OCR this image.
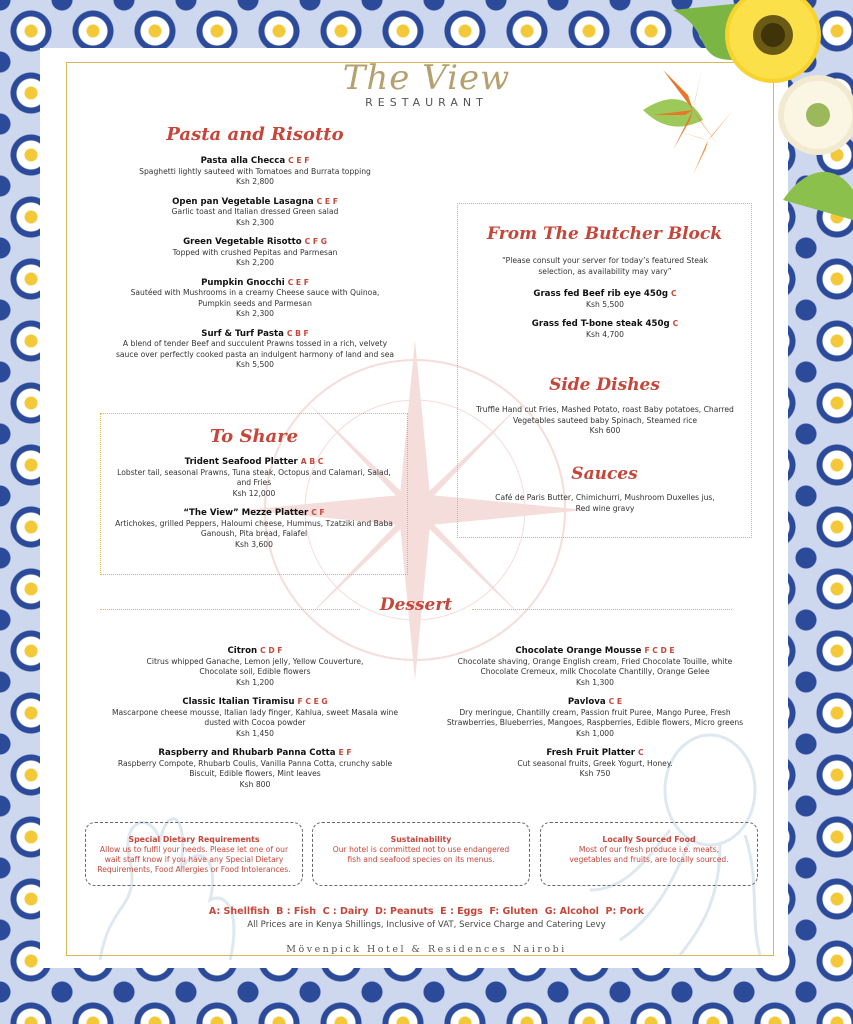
The View
RESTAURANT
Pasta and Risotto
Pasta alla Checca C E F
Spaghetti lightly sauteed with Tomatoes and Burrata topping
Ksh 2,800
Open pan Vegetable Lasagna C E F
Garlic toast and Italian dressed Green salad
Ksh 2,300
Green Vegetable Risotto C F G
Topped with crushed Pepitas and Parmesan
Ksh 2,200
Pumpkin Gnocchi C E F
Sautéed with Mushrooms in a creamy Cheese sauce with Quinoa, Pumpkin seeds and Parmesan
Ksh 2,300
Surf & Turf Pasta C B F
A blend of tender Beef and succulent Prawns tossed in a rich, velvety sauce over perfectly cooked pasta an indulgent harmony of land and sea
Ksh 5,500
To Share
Trident Seafood Platter A B C
Lobster tail, seasonal Prawns, Tuna steak, Octopus and Calamari, Salad, and Fries
Ksh 12,000
“The View” Mezze Platter C F
Artichokes, grilled Peppers, Haloumi cheese, Hummus, Tzatziki and Baba Ganoush, Pita bread, Falafel
Ksh 3,600
From The Butcher Block
“Please consult your server for today’s featured Steak selection, as availability may vary”
Grass fed Beef rib eye 450g C
Ksh 5,500
Grass fed T-bone steak 450g C
Ksh 4,700
Side Dishes
Truffle Hand cut Fries, Mashed Potato, roast Baby potatoes, Charred Vegetables sauteed baby Spinach, Steamed rice
Ksh 600
Sauces
Café de Paris Butter, Chimichurri, Mushroom Duxelles jus, Red wine gravy
Dessert
Citron C D F
Citrus whipped Ganache, Lemon jelly, Yellow Couverture, Chocolate soil, Edible flowers
Ksh 1,200
Classic Italian Tiramisu F C E G
Mascarpone cheese mousse, Italian lady finger, Kahlua, sweet Masala wine dusted with Cocoa powder
Ksh 1,450
Raspberry and Rhubarb Panna Cotta E F
Raspberry Compote, Rhubarb Coulis, Vanilla Panna Cotta, crunchy sable Biscuit, Edible flowers, Mint leaves
Ksh 800
Chocolate Orange Mousse F C D E
Chocolate shaving, Orange English cream, Fried Chocolate Touille, white Chocolate Cremeux, milk Chocolate Chantilly, Orange Gelee
Ksh 1,300
Pavlova C E
Dry meringue, Chantilly cream, Passion fruit Puree, Mango Puree, Fresh Strawberries, Blueberries, Mangoes, Raspberries, Edible flowers, Micro greens
Ksh 1,000
Fresh Fruit Platter C
Cut seasonal fruits, Greek Yogurt, Honey.
Ksh 750
Special Dietary Requirements
Allow us to fulfil your needs. Please let one of our wait staff know if you have any Special Dietary Requirements, Food Allergies or Food Intolerances.
Sustainability
Our hotel is committed not to use endangered fish and seafood species on its menus.
Locally Sourced Food
Most of our fresh produce i.e. meats, vegetables and fruits, are locally sourced.
A: Shellfish  B : Fish  C : Dairy  D: Peanuts  E : Eggs  F: Gluten  G: Alcohol  P: Pork
All Prices are in Kenya Shillings, Inclusive of VAT, Service Charge and Catering Levy
Mövenpick Hotel & Residences Nairobi
